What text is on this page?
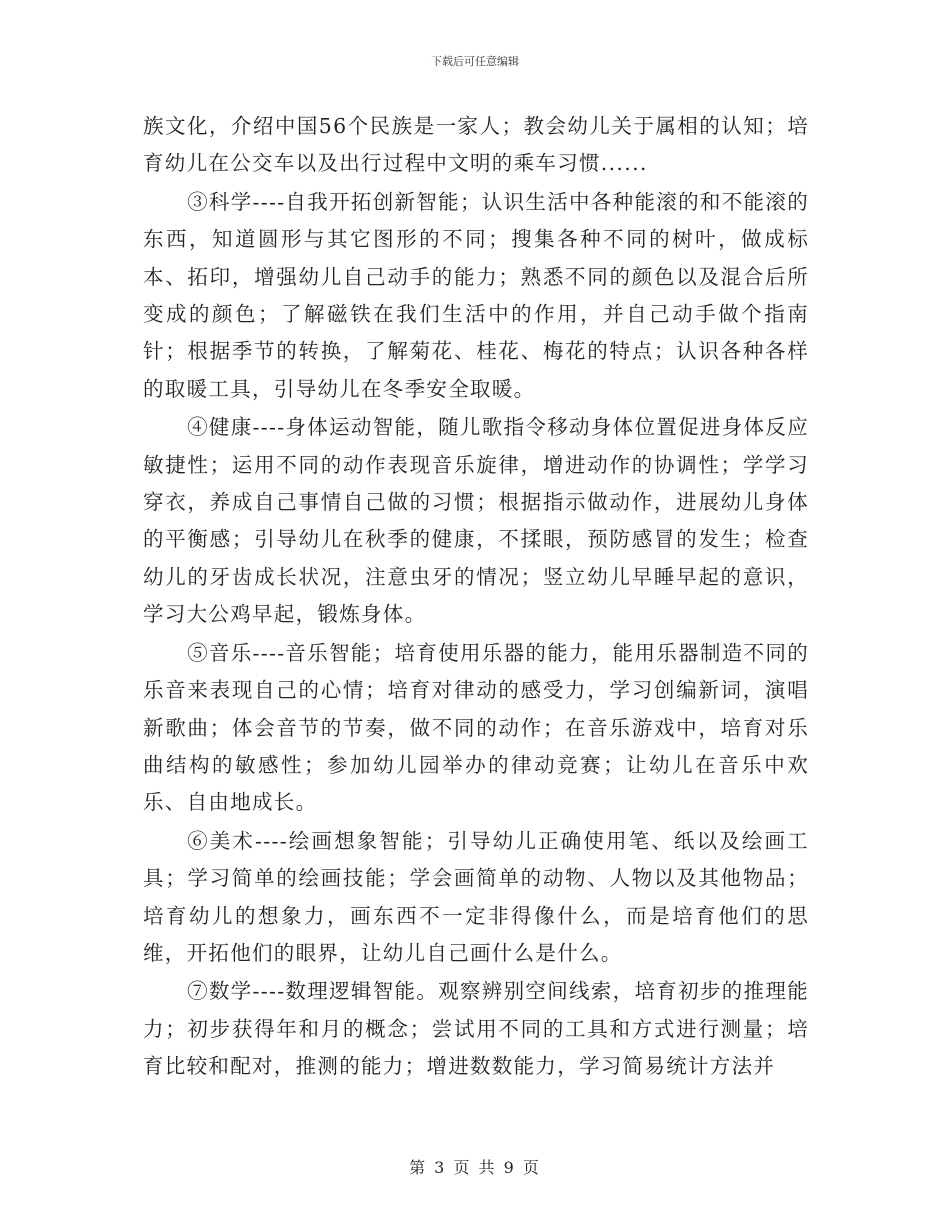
下载后可任意编辑

族文化，介绍中国56个民族是一家人；教会幼儿关于属相的认知；培育幼儿在公交车以及出行过程中文明的乘车习惯......

③科学----自我开拓创新智能；认识生活中各种能滚的和不能滚的东西，知道圆形与其它图形的不同；搜集各种不同的树叶，做成标本、拓印，增强幼儿自己动手的能力；熟悉不同的颜色以及混合后所变成的颜色；了解磁铁在我们生活中的作用，并自己动手做个指南针；根据季节的转换，了解菊花、桂花、梅花的特点；认识各种各样的取暖工具，引导幼儿在冬季安全取暖。

④健康----身体运动智能，随儿歌指令移动身体位置促进身体反应敏捷性；运用不同的动作表现音乐旋律，增进动作的协调性；学学习穿衣，养成自己事情自己做的习惯；根据指示做动作，进展幼儿身体的平衡感；引导幼儿在秋季的健康，不揉眼，预防感冒的发生；检查幼儿的牙齿成长状况，注意虫牙的情况；竖立幼儿早睡早起的意识，学习大公鸡早起，锻炼身体。

⑤音乐----音乐智能；培育使用乐器的能力，能用乐器制造不同的乐音来表现自己的心情；培育对律动的感受力，学习创编新词，演唱新歌曲；体会音节的节奏，做不同的动作；在音乐游戏中，培育对乐曲结构的敏感性；参加幼儿园举办的律动竞赛；让幼儿在音乐中欢乐、自由地成长。

⑥美术----绘画想象智能；引导幼儿正确使用笔、纸以及绘画工具；学习简单的绘画技能；学会画简单的动物、人物以及其他物品；培育幼儿的想象力，画东西不一定非得像什么，而是培育他们的思维，开拓他们的眼界，让幼儿自己画什么是什么。

⑦数学----数理逻辑智能。观察辨别空间线索，培育初步的推理能力；初步获得年和月的概念；尝试用不同的工具和方式进行测量；培育比较和配对，推测的能力；增进数数能力，学习简易统计方法并

第 3 页 共 9 页
